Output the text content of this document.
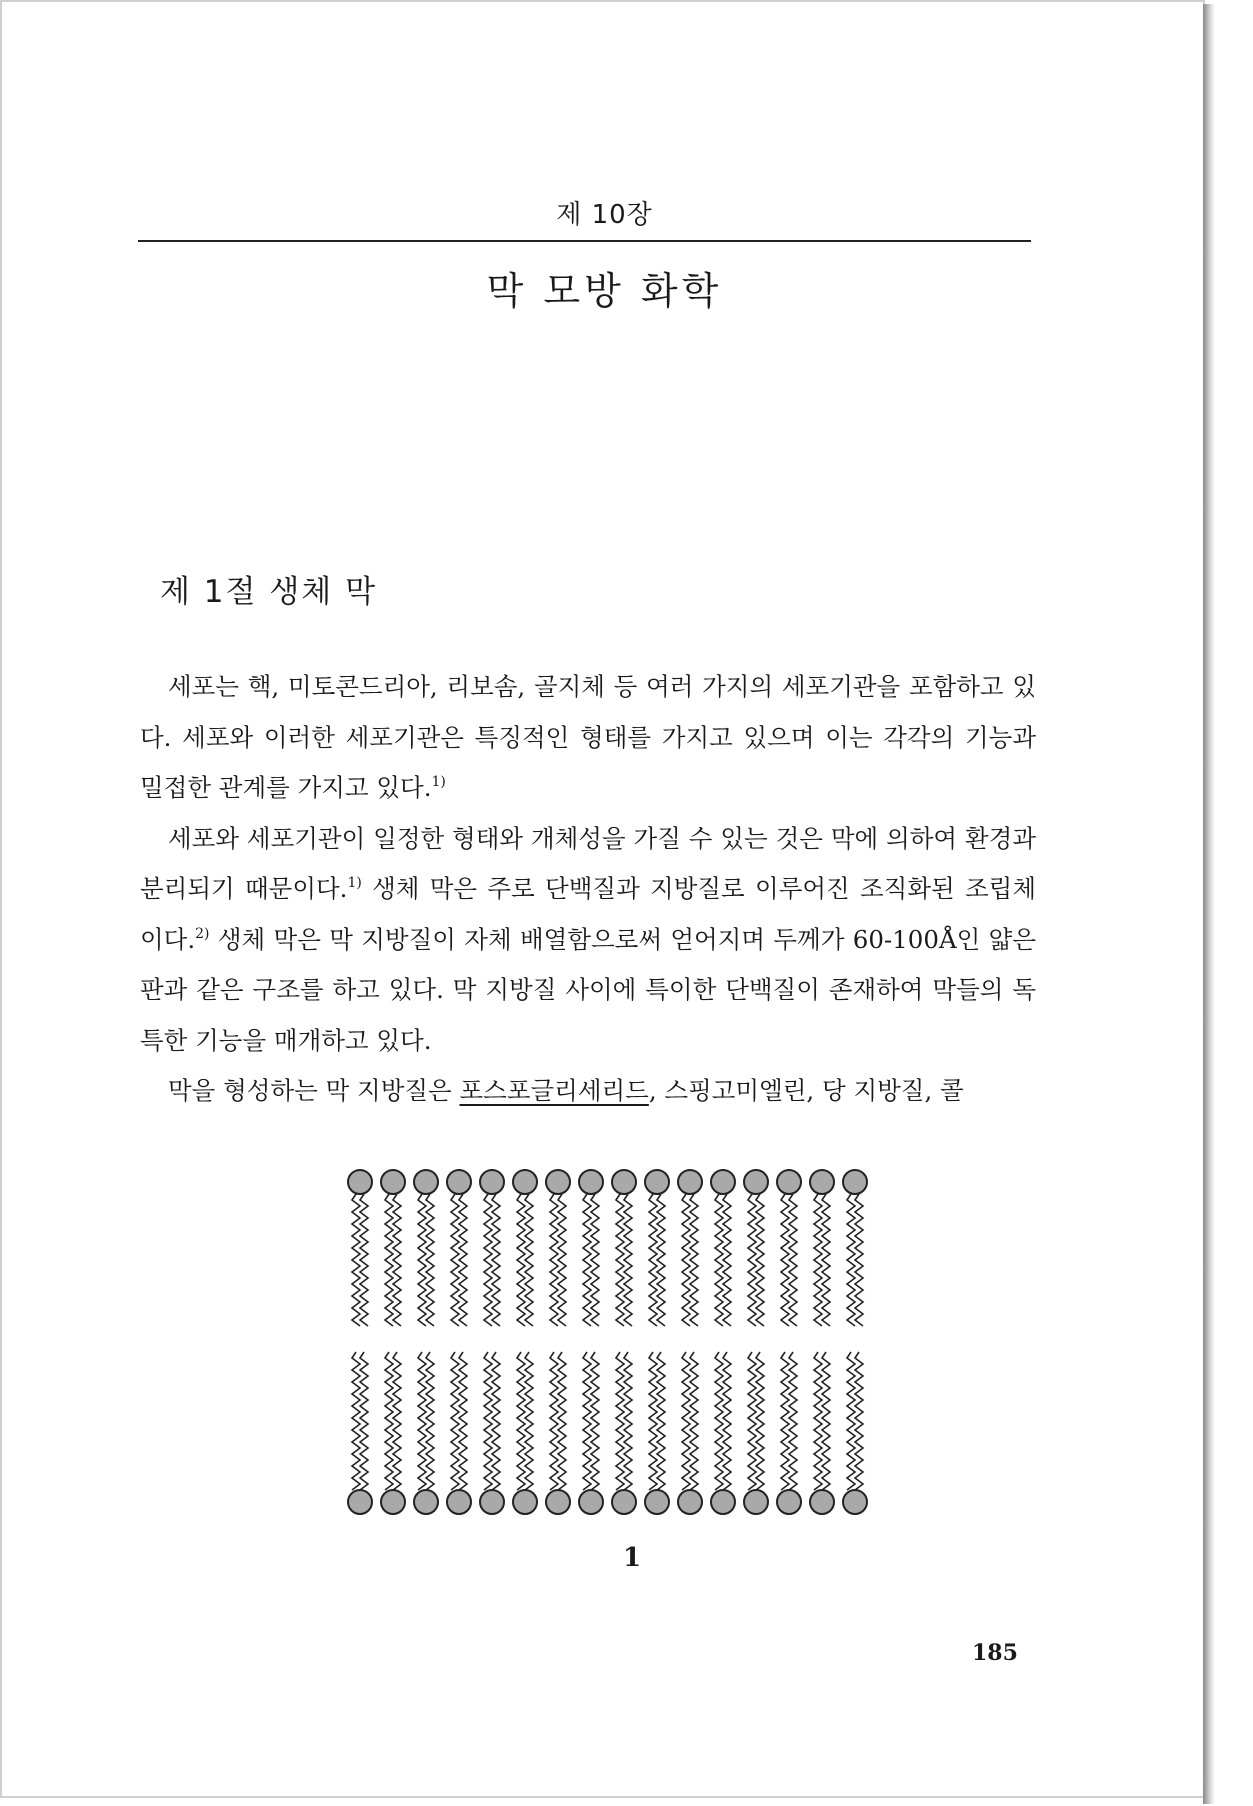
제 10장
막 모방 화학
제 1절 생체 막

세포는 핵, 미토콘드리아, 리보솜, 골지체 등 여러 가지의 세포기관을 포함하고 있다. 세포와 이러한 세포기관은 특징적인 형태를 가지고 있으며 이는 각각의 기능과 밀접한 관계를 가지고 있다.$^{1)}$

세포와 세포기관이 일정한 형태와 개체성을 가질 수 있는 것은 막에 의하여 환경과 분리되기 때문이다.$^{1)}$ 생체 막은 주로 단백질과 지방질로 이루어진 조직화된 조립체이다.$^{2)}$ 생체 막은 막 지방질이 자체 배열함으로써 얻어지며 두께가 60-100Å인 얇은 판과 같은 구조를 하고 있다. 막 지방질 사이에 특이한 단백질이 존재하여 막들의 독특한 기능을 매개하고 있다.

막을 형성하는 막 지방질은 포스포글리세리드, 스핑고미엘린, 당 지방질, 콜

1
185
